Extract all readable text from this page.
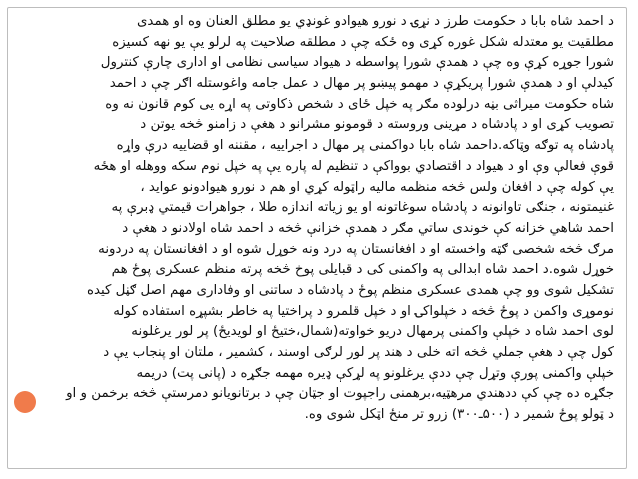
د احمد شاه بابا د حکومت طرز د نړۍ د نورو هیوادو غونډي یو مطلق العنان وه او همدی
مطلقیت یو معتدله شکل غوره کړی وه ځکه چې د مطلقه صلاحیت په لرلو یې یو نهه کسیزه
شورا جوړه کړې وه چې د همدې شورا پواسطه د هیواد سیاسی نظامی او اداری چارې کنترول
کیدلې او د همدې شورا پریکړې د مهمو پیښو پر مهال د عمل جامه واغوستله اګر چې د احمد
شاه حکومت میراثی بڼه درلوده مګر په خپل ځای د شخص ذکاوتی په اړه یی کوم قانون نه وه
تصویب کړی او د پادشاه د مړینی وروسته د قومونو مشرانو د هغې د زامنو څخه یوتن د
پادشاه په توګه وټاکه.داحمد شاه بابا دواکمنی پر مهال د اجراییه ، مقننه او قضاییه درې واړه
قوې فعالې وې او د هیواد د اقتصادي بوواکې د تنظیم له پاره یې په خپل نوم سکه ووهله او هځه
یې کوله چې د افغان ولس څخه منظمه مالیه راټوله کړي او هم د نورو هیوادونو عواید ،
غنیمتونه ، جنګی تاوانونه د پادشاه سوغاتونه او یو زیاته اندازه طلا ، جواهرات قیمتي ډبرې په
احمد شاهي خزانه کې خوندی ساتي مګر د همدې خزانې څخه د احمد شاه اولادنو د هغې د
مرګ څخه شخصی ګټه واخسته او د افغانستان په درد ونه خوړل شوه او د افغانستان په دردونه
خوړل شوه.د احمد شاه ابدالی په واکمنی کی د قبایلی پوخ څخه پرته منظم عسکری پوځ هم
تشکیل شوی وو چې همدی عسکری منظم پوځ د پادشاه د ساتنی او وفاداری مهم اصل ګڼل کیده
نوموړی واکمن د پوځ څخه د خپلواکۍ او د خپل قلمرو د پراختیا په خاطر بشپړه استفاده کوله
لوی احمد شاه د خپلې واکمنی پرمهال دریو خواوته(شمال،ختیځ او لویدیځ) پر لور یرغلونه
کول چې د هغې جملي څخه اته خلی د هند پر لور لرګی اوسند ، کشمیر ، ملتان او پنجاب یې د
خپلې واکمنی پورې وتړل چې ددې یرغلونو په لړکې ډیره مهمه جګړه د (پانی پت) دریمه
جګړه ده چې کې ددهندي مرهټیه،برهمنی راجپوت او جټان چې د برتانویانو دمرستې څخه برخمن و او
د ټولو پوځ شمیر د (۵۰۰ـ۳۰۰) زرو تر منځ اټکل شوی وه.
